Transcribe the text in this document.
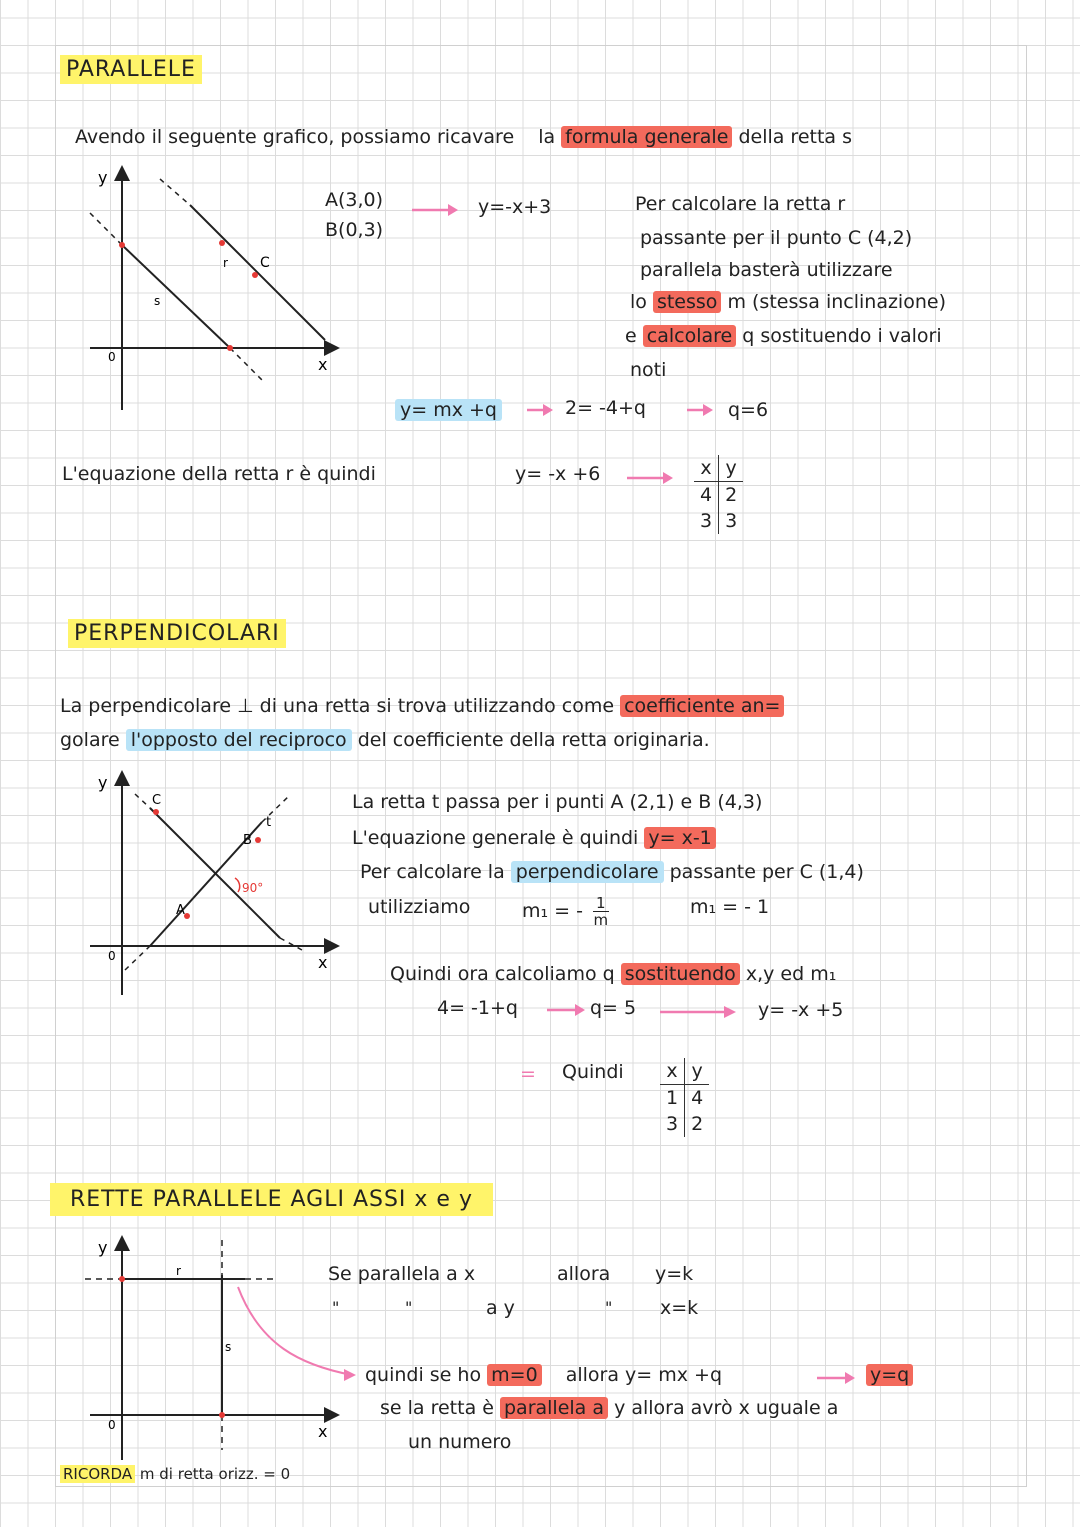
PARALLELE
Avendo il seguente grafico, possiamo ricavare la formula generale della retta s
y
x
0
s
r C
A(3,0)
B(0,3)
y=-x+3	Per calcolare la retta r
passante per il punto C (4,2)
parallela basterà utilizzare
lo stesso m (stessa inclinazione)
e calcolare q sostituendo i valori
noti
y= mx +q	2= -4+q	q=6
L'equazione della retta r è quindi	y= -x +6	x	y
4	2
3	3
PERPENDICOLARI
La perpendicolare ⊥ di una retta si trova utilizzando come coefficiente an=
golare l'opposto del reciproco del coefficiente della retta originaria.
y
x
0
C
B
t
A
90°
La retta t passa per i punti A (2,1) e B (4,3)
L'equazione generale è quindi y= x-1
Per calcolare la perpendicolare passante per C (1,4)
utilizziamo	m₁ = - $\frac{1}{m}$	m₁ = - 1
Quindi ora calcoliamo q sostituendo x,y ed m₁
4= -1+q	q= 5	y= -x +5
= Quindi x	y
1	4
3	2
RETTE PARALLELE AGLI ASSI x e y
y
x
0
r
s
Se parallela a x	allora y=k
"	"	a y	"	x=k
quindi se ho m=0 allora y= mx +q	y=q
se la retta è parallela a y allora avrò x uguale a
un numero
RICORDA m di retta orizz. = 0
